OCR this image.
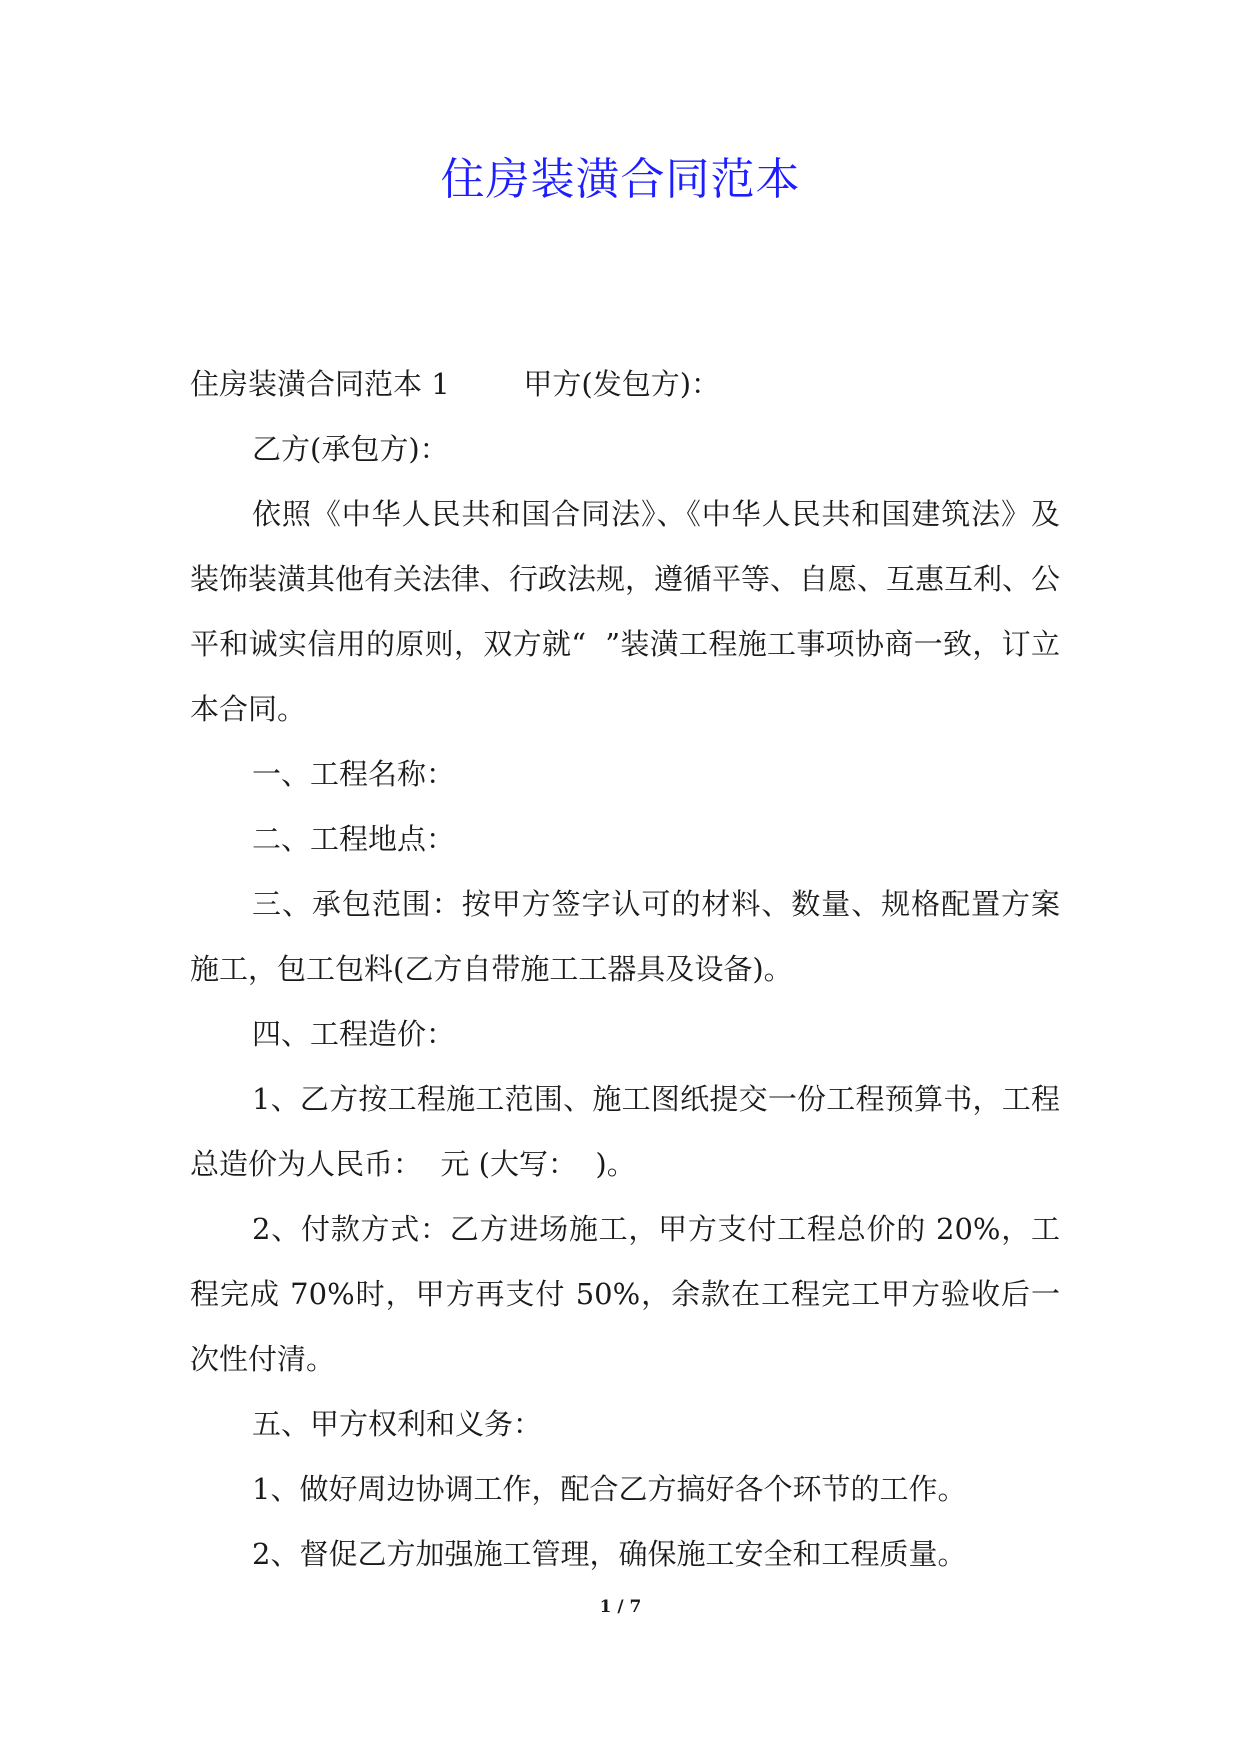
住房装潢合同范本

住房装潢合同范本 1        甲方(发包方)：

乙方(承包方)：

依照《中华人民共和国合同法》、《中华人民共和国建筑法》及装饰装潢其他有关法律、行政法规，遵循平等、自愿、互惠互利、公平和诚实信用的原则，双方就“  ”装潢工程施工事项协商一致，订立本合同。

一、工程名称：

二、工程地点：

三、承包范围：按甲方签字认可的材料、数量、规格配置方案施工，包工包料(乙方自带施工工器具及设备)。

四、工程造价：

1、乙方按工程施工范围、施工图纸提交一份工程预算书，工程总造价为人民币：  元 (大写：  )。

2、付款方式：乙方进场施工，甲方支付工程总价的 20%，工程完成 70%时，甲方再支付 50%，余款在工程完工甲方验收后一次性付清。

五、甲方权利和义务：

1、做好周边协调工作，配合乙方搞好各个环节的工作。

2、督促乙方加强施工管理，确保施工安全和工程质量。

1 / 7
